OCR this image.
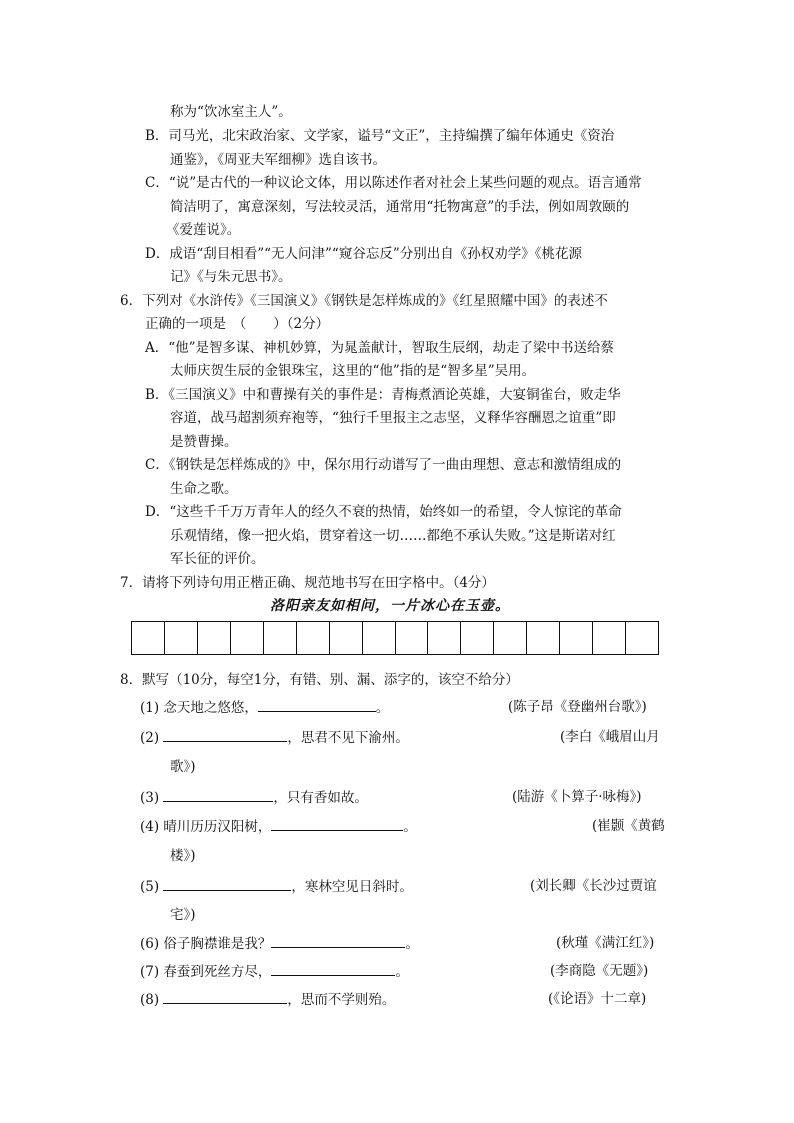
称为“饮冰室主人”。
B．司马光，北宋政治家、文学家，谥号“文正”，主持编撰了编年体通史《资治
通鉴》，《周亚夫军细柳》选自该书。
C．“说”是古代的一种议论文体，用以陈述作者对社会上某些问题的观点。语言通常
简洁明了，寓意深刻，写法较灵活，通常用“托物寓意”的手法，例如周敦颐的
《爱莲说》。
D．成语“刮目相看”“无人问津”“窥谷忘反”分别出自《孙权劝学》《桃花源
记》《与朱元思书》。
6．下列对《水浒传》《三国演义》《钢铁是怎样炼成的》《红星照耀中国》的表述不
正确的一项是　（　　）（2分）
A．“他”是智多谋、神机妙算，为晁盖献计，智取生辰纲，劫走了梁中书送给蔡
太师庆贺生辰的金银珠宝，这里的“他”指的是“智多星”吴用。
B．《三国演义》中和曹操有关的事件是：青梅煮酒论英雄，大宴铜雀台，败走华
容道，战马超割须弃袍等，“独行千里报主之志坚，义释华容酬恩之谊重”即
是赞曹操。
C．《钢铁是怎样炼成的》中，保尔用行动谱写了一曲由理想、意志和激情组成的
生命之歌。
D．“这些千千万万青年人的经久不衰的热情，始终如一的希望，令人惊诧的革命
乐观情绪，像一把火焰，贯穿着这一切……都绝不承认失败。”这是斯诺对红
军长征的评价。
7．请将下列诗句用正楷正确、规范地书写在田字格中。（4分）
洛阳亲友如相问，一片冰心在玉壶。
8．默写（10分，每空1分，有错、别、漏、添字的，该空不给分）
(1) 念天地之悠悠，	。	(陈子昂《登幽州台歌》)
(2)	，思君不见下渝州。	(李白《峨眉山月
歌》)
(3)	，只有香如故。	(陆游《卜算子·咏梅》)
(4) 晴川历历汉阳树，	。	(崔颢《黄鹤
楼》)
(5)	，寒林空见日斜时。	(刘长卿《长沙过贾谊
宅》)
(6) 俗子胸襟谁是我？	。	(秋瑾《满江红》)
(7) 春蚕到死丝方尽，	。	(李商隐《无题》)
(8)	，思而不学则殆。	(《论语》十二章)
